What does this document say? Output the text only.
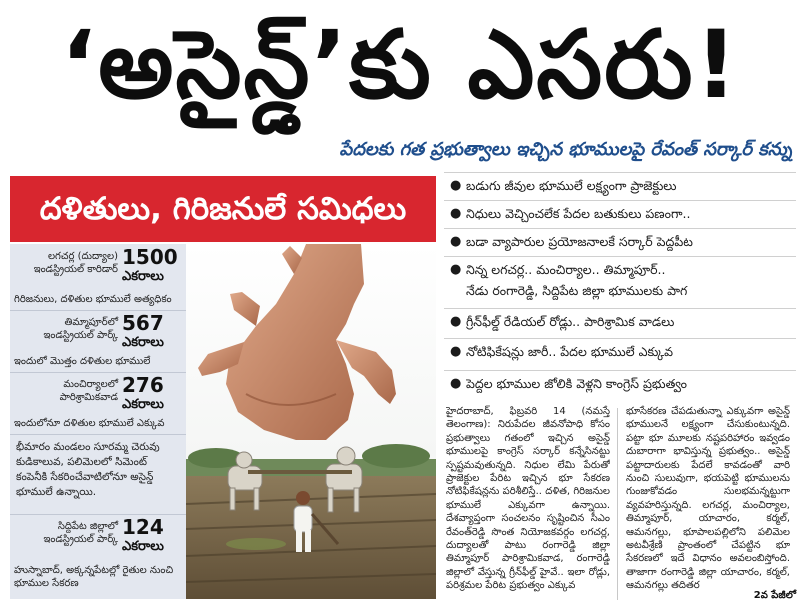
‘అసైన్డ్’కు ఎసరు!
పేదలకు గత ప్రభుత్వాలు ఇచ్చిన భూములపై రేవంత్ సర్కార్ కన్ను
దళితులు, గిరిజనులే సమిధలు
లగచర్ల (దుద్యాల) ఇండస్ట్రియల్ కారిడార్
1500
ఎకరాలు
గిరిజనులు, దళితుల భూములే అత్యధికం
తిమ్మాపూర్‌లో ఇండస్ట్రియల్ పార్క్
567
ఎకరాలు
ఇందులో మొత్తం దళితుల భూములే
మంచిర్యాలలో పారిశ్రామికవాడ
276
ఎకరాలు
ఇందులోనూ దళితుల భూములే ఎక్కువ
భీమారం మండలం సూరమ్మ చెరువు కుడికాలువ, పలిమెలలో సిమెంట్ కంపెనీకి సేకరించేవాటిలోనూ అసైన్డ్ భూములే ఉన్నాయి.
సిద్దిపేట జిల్లాలో ఇండస్ట్రియల్ పార్క్
124
ఎకరాలు
హుస్నాబాద్, అక్కన్నపేటల్లో రైతుల నుంచి భూముల సేకరణ
● బడుగు జీవుల భూములే లక్ష్యంగా ప్రాజెక్టులు
● నిధులు వెచ్చించలేక పేదల బతుకులు పణంగా..
● బడా వ్యాపారుల ప్రయోజనాలకే సర్కార్ పెద్దపీట
● నిన్న లగచర్ల.. మంచిర్యాల.. తిమ్మాపూర్..
నేడు రంగారెడ్డి, సిద్దిపేట జిల్లా భూములకు పాగ
● గ్రీన్‌ఫీల్డ్ రేడియల్ రోడ్లు.. పారిశ్రామిక వాడలు
● నోటిఫికేషన్లు జారీ.. పేదల భూములే ఎక్కువ
● పెద్దల భూముల జోలికి వెళ్లని కాంగ్రెస్ ప్రభుత్వం
హైదరాబాద్, ఫిబ్రవరి 14 (నమస్తే తెలంగాణ): నిరుపేదల జీవనోపాధి కోసం ప్రభుత్వాలు గతంలో ఇచ్చిన అసైన్డ్ భూములపై కాంగ్రెస్ సర్కార్ కన్నేసినట్టు స్పష్టమవుతున్నది. నిధుల లేమి పేరుతో ప్రాజెక్టుల పేరిట ఇచ్చిన భూ సేకరణ నోటిఫికేషన్లను పరిశీలిస్తే.. దళిత, గిరిజనుల భూములే ఎక్కువగా ఉన్నాయి. దేశవ్యాప్తంగా సంచలనం సృష్టించిన సీఎం రేవంత్‌రెడ్డి సొంత నియోజకవర్గం లగచర్ల, దుద్యాలతో పాటు రంగారెడ్డి జిల్లా తిమ్మాపూర్ పారిశ్రామికవాడ, రంగారెడ్డి జిల్లాలో వేస్తున్న గ్రీన్‌ఫీల్డ్ హైవే.. ఇలా రోడ్లు, పరిశ్రమల పేరిట ప్రభుత్వం ఎక్కువ
భూసేకరణ చేపడుతున్నా ఎక్కువగా అసైన్డ్ భూములనే లక్ష్యంగా చేసుకుంటున్నది. పట్టా భూ మూలకు నష్టపరిహారం ఇవ్వడం దుబారాగా భావిస్తున్న ప్రభుత్వం.. అసైన్డ్ పట్టాదారులకు పేదలే కావడంతో వారి నుంచి సులువుగా, భయపెట్టి భూములను గుంజుకోవడం సులభమన్నట్టుగా వ్యవహరిస్తున్నది. లగచర్ల, మంచిర్యాల, తిమ్మాపూర్, యాచారం, కర్మల్, ఆమనగల్లు, భూపాలపల్లిలోని పలిమెల అటవీశ్రేణి ప్రాంతంలో చేపట్టిన భూ సేకరణలో ఇదే విధానం అవలంబిస్తోంది. తాజాగా రంగారెడ్డి జిల్లా యాచారం, కర్మల్, ఆమనగల్లు తదితర
2వ పేజీలో
